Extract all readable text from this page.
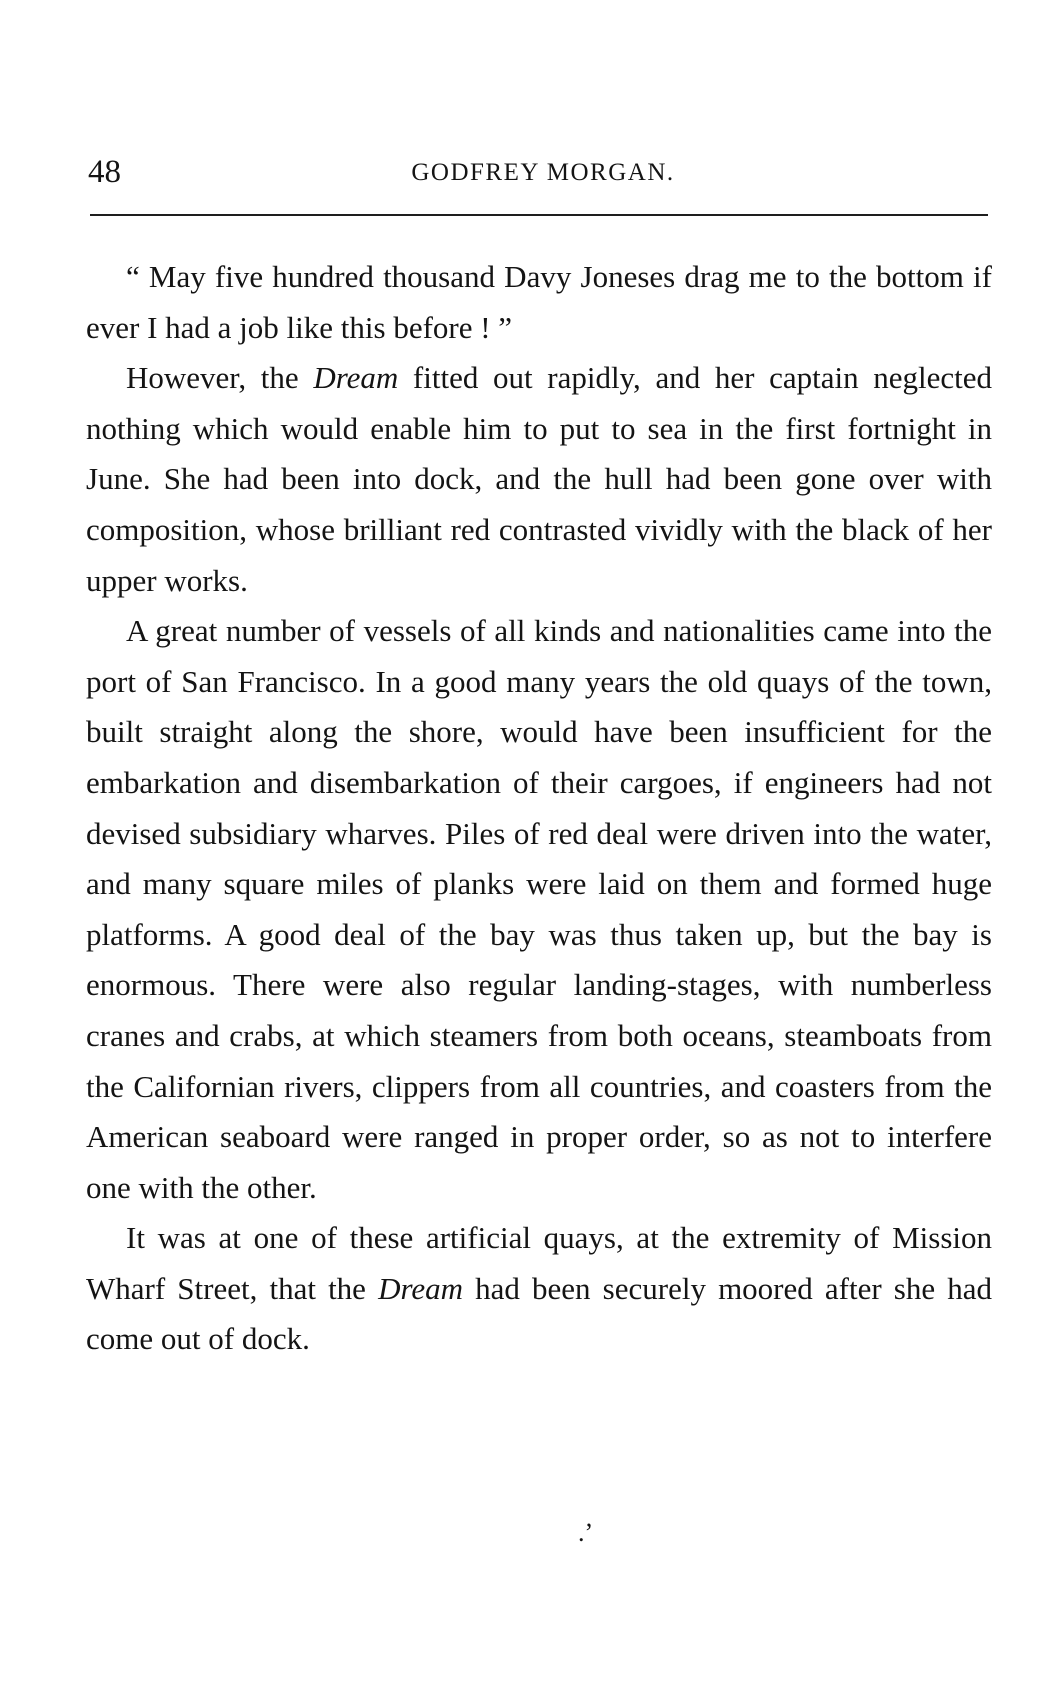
48	GODFREY MORGAN.

“ May five hundred thousand Davy Joneses drag me to the bottom if ever I had a job like this before ! ”

However, the Dream fitted out rapidly, and her captain neglected nothing which would enable him to put to sea in the first fortnight in June. She had been into dock, and the hull had been gone over with composition, whose brilliant red contrasted vividly with the black of her upper works.

A great number of vessels of all kinds and nationalities came into the port of San Francisco. In a good many years the old quays of the town, built straight along the shore, would have been insufficient for the embarkation and disembarkation of their cargoes, if engineers had not devised subsidiary wharves. Piles of red deal were driven into the water, and many square miles of planks were laid on them and formed huge platforms. A good deal of the bay was thus taken up, but the bay is enormous. There were also regular landing-stages, with numberless cranes and crabs, at which steamers from both oceans, steamboats from the Californian rivers, clippers from all countries, and coasters from the American seaboard were ranged in proper order, so as not to interfere one with the other.

It was at one of these artificial quays, at the extremity of Mission Wharf Street, that the Dream had been securely moored after she had come out of dock.

.’
